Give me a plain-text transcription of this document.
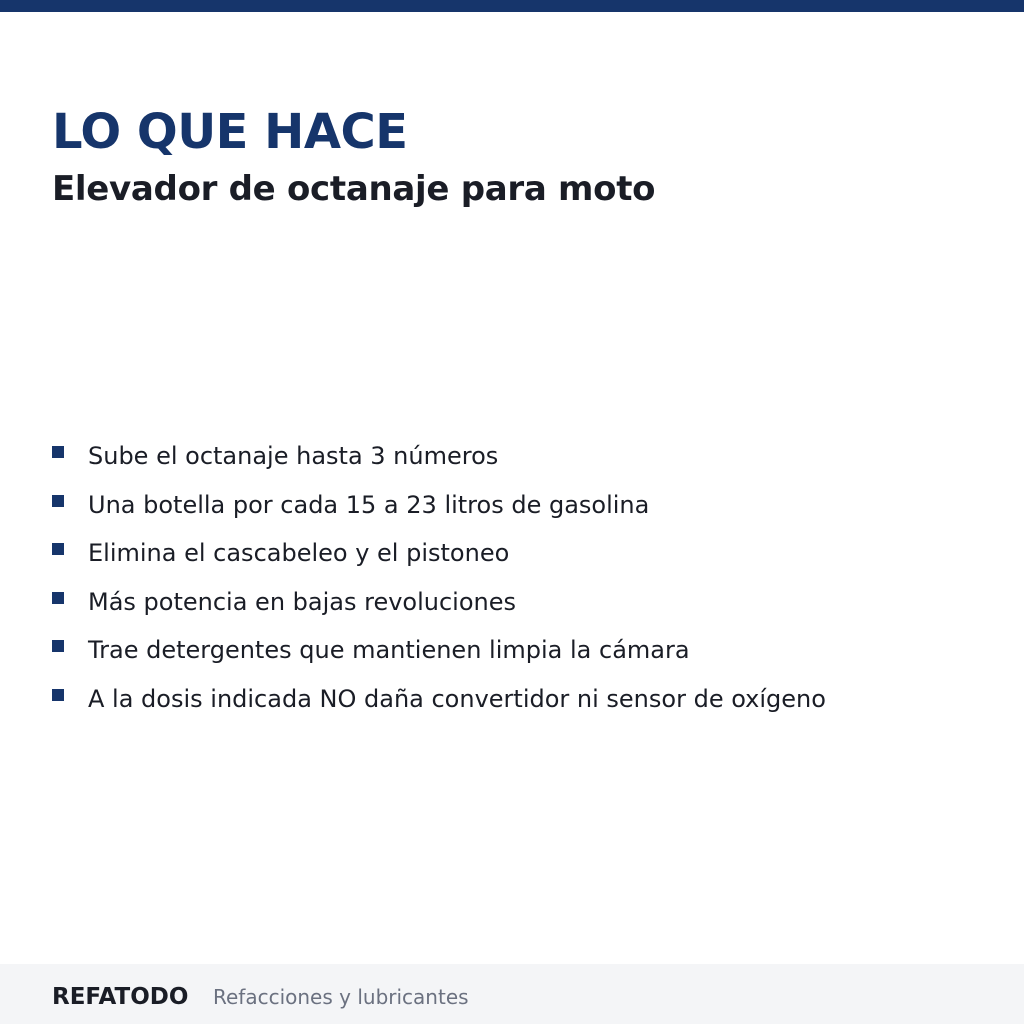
LO QUE HACE
Elevador de octanaje para moto
Sube el octanaje hasta 3 números
Una botella por cada 15 a 23 litros de gasolina
Elimina el cascabeleo y el pistoneo
Más potencia en bajas revoluciones
Trae detergentes que mantienen limpia la cámara
A la dosis indicada NO daña convertidor ni sensor de oxígeno
REFATODO Refacciones y lubricantes
